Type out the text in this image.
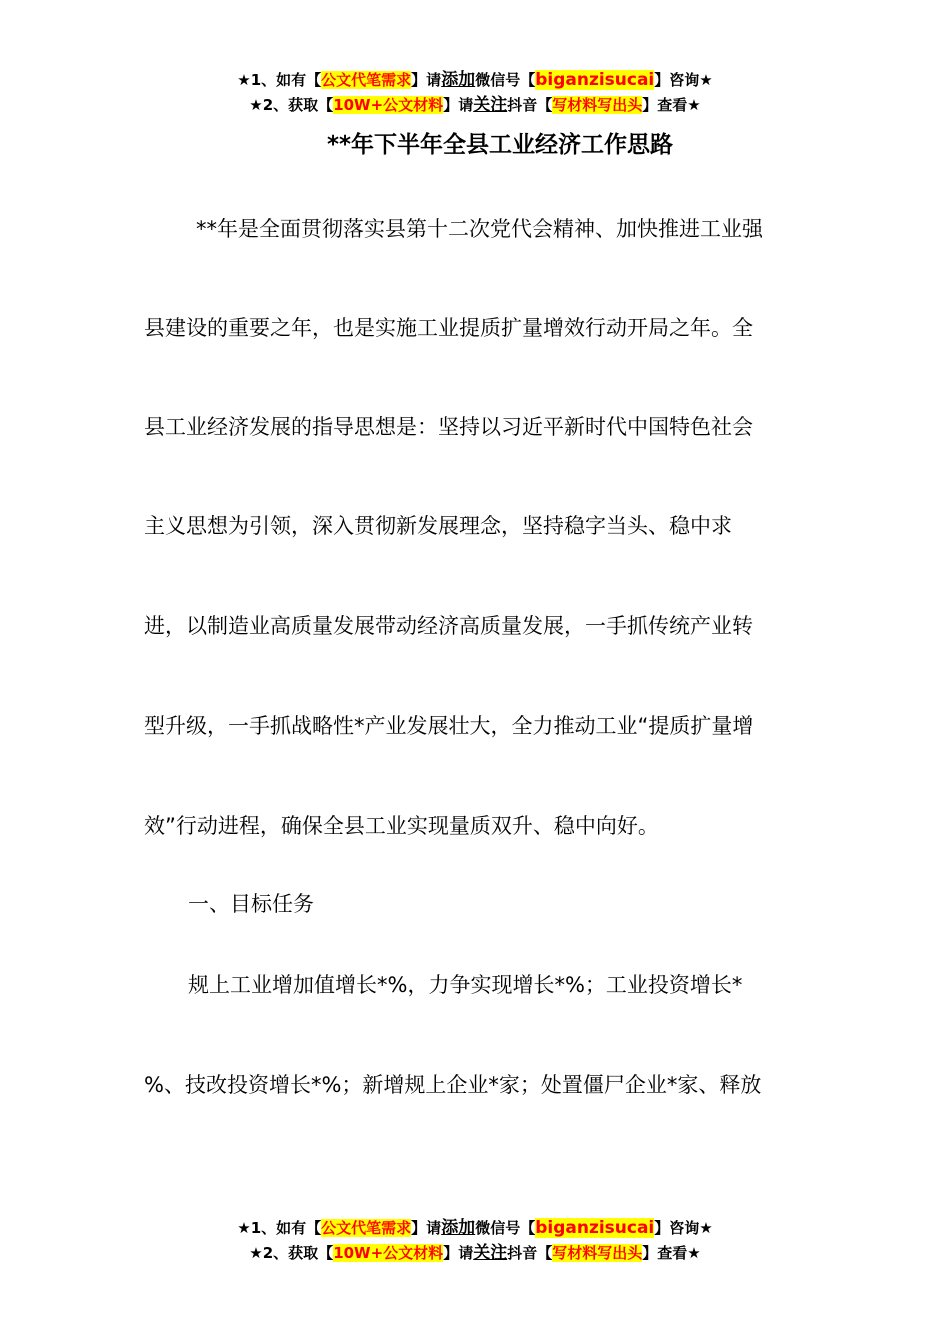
★1、如有【公文代笔需求】请添加微信号【biganzisucai】咨询★
★2、获取【10W+公文材料】请关注抖音【写材料写出头】查看★
**年下半年全县工业经济工作思路
**年是全面贯彻落实县第十二次党代会精神、加快推进工业强
县建设的重要之年，也是实施工业提质扩量增效行动开局之年。全
县工业经济发展的指导思想是：坚持以习近平新时代中国特色社会
主义思想为引领，深入贯彻新发展理念，坚持稳字当头、稳中求
进，以制造业高质量发展带动经济高质量发展，一手抓传统产业转
型升级，一手抓战略性*产业发展壮大，全力推动工业“提质扩量增
效”行动进程，确保全县工业实现量质双升、稳中向好。
一、目标任务
规上工业增加值增长*%，力争实现增长*%；工业投资增长*
%、技改投资增长*%；新增规上企业*家；处置僵尸企业*家、释放
★1、如有【公文代笔需求】请添加微信号【biganzisucai】咨询★
★2、获取【10W+公文材料】请关注抖音【写材料写出头】查看★
